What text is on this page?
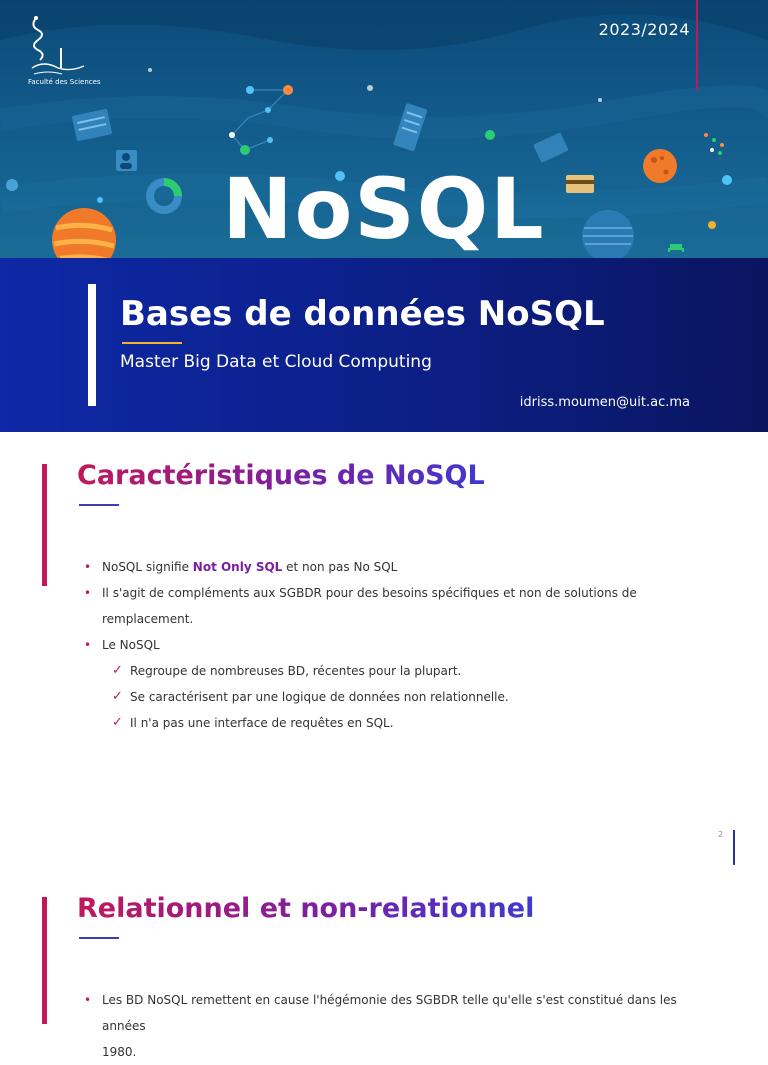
Faculté des Sciences
2023/2024
NoSQL
Bases de données NoSQL
Master Big Data et Cloud Computing
idriss.moumen@uit.ac.ma
Caractéristiques de NoSQL
• NoSQL signifie Not Only SQL et non pas No SQL
• Il s'agit de compléments aux SGBDR pour des besoins spécifiques et non de solutions de
remplacement.
• Le NoSQL
✓ Regroupe de nombreuses BD, récentes pour la plupart.
✓ Se caractérisent par une logique de données non relationnelle.
✓ Il n'a pas une interface de requêtes en SQL.
2
Relationnel et non-relationnel
• Les BD NoSQL remettent en cause l'hégémonie des SGBDR telle qu'elle s'est constitué dans les années
1980.
